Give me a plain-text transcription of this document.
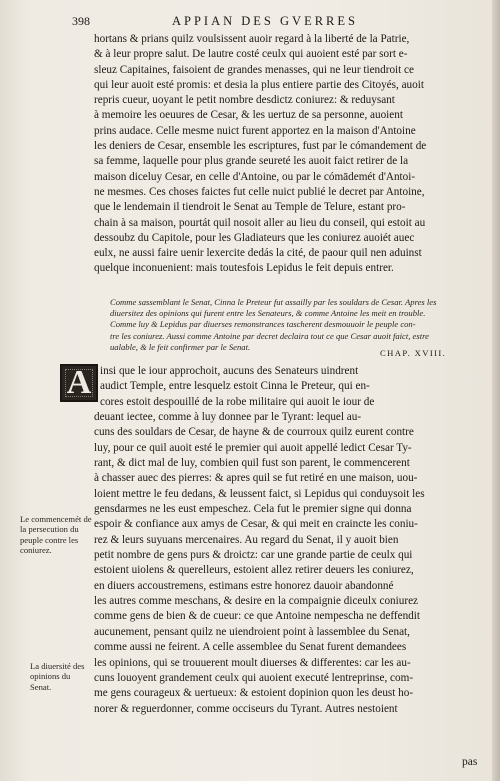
398	APPIAN DES GVERRES

hortans & prians quilz voulsissent auoir regard à la liberté de la Patrie,

& à leur propre salut. De lautre costé ceulx qui auoient esté par sort e-

sleuz Capitaines, faisoient de grandes menasses, qui ne leur tiendroit ce

qui leur auoit esté promis: et desia la plus entiere partie des Citoyés, auoit

repris cueur, uoyant le petit nombre desdictz coniurez: & reduysant

à memoire les oeuures de Cesar, & les uertuz de sa personne, auoient

prins audace. Celle mesme nuict furent apportez en la maison d'Antoine

les deniers de Cesar, ensemble les escriptures, fust par le cómandement de

sa femme, laquelle pour plus grande seureté les auoit faict retirer de la

maison diceluy Cesar, en celle d'Antoine, ou par le cómādemét d'Antoi-

ne mesmes. Ces choses faictes fut celle nuict publié le decret par Antoine,

que le lendemain il tiendroit le Senat au Temple de Telure, estant pro-

chain à sa maison, pourtát quil nosoit aller au lieu du conseil, qui estoit au

dessoubz du Capitole, pour les Gladiateurs que les coniurez auoiét auec

eulx, ne aussi faire uenir lexercite dedás la cité, de paour quil nen aduinst

quelque inconuenient: mais toutesfois Lepidus le feit depuis entrer.

Comme sassemblant le Senat, Cinna le Preteur fut assailly par les souldars de Cesar. Apres les

diuersitez des opinions qui furent entre les Senateurs, & comme Antoine les meit en trouble.

Comme luy & Lepidus par diuerses remonstrances tascherent desmouuoir le peuple con-

tre les coniurez. Aussi comme Antoine par decret declaira tout ce que Cesar auoit faict, estre

ualable, & le feit confirmer par le Senat.

CHAP. XVIII.
A insi que le iour approchoit, aucuns des Senateurs uindrent
audict Temple, entre lesquelz estoit Cinna le Preteur, qui en-
cores estoit despouillé de la robe militaire qui auoit le iour de
deuant iectee, comme à luy donnee par le Tyrant: lequel au-
cuns des souldars de Cesar, de hayne & de courroux quilz eurent contre
luy, pour ce quil auoit esté le premier qui auoit appellé ledict Cesar Ty-
rant, & dict mal de luy, combien quil fust son parent, le commencerent
à chasser auec des pierres: & apres quil se fut retiré en une maison, uou-
loient mettre le feu dedans, & leussent faict, si Lepidus qui conduysoit les
gensdarmes ne les eust empeschez. Cela fut le premier signe qui donna
espoir & confiance aux amys de Cesar, & qui meit en craincte les coniu-
rez & leurs suyuans mercenaires. Au regard du Senat, il y auoit bien
petit nombre de gens purs & droictz: car une grande partie de ceulx qui
estoient uiolens & querelleurs, estoient allez retirer deuers les coniurez,
en diuers accoustremens, estimans estre honorez dauoir abandonné
les autres comme meschans, & desire en la compaignie diceulx coniurez
comme gens de bien & de cueur: ce que Antoine nempescha ne deffendit
aucunement, pensant quilz ne uiendroient point à lassemblee du Senat,
comme aussi ne feirent. A celle assemblee du Senat furent demandees
les opinions, qui se trouuerent moult diuerses & differentes: car les au-
cuns louoyent grandement ceulx qui auoient executé lentreprinse, com-
me gens courageux & uertueux: & estoient dopinion quon les deust ho-
norer & reguerdonner, comme occiseurs du Tyrant. Autres nestoient
Le commencemét de la persecution du peuple contre les coniurez.
La diuersité des opinions du Senat.
pas
